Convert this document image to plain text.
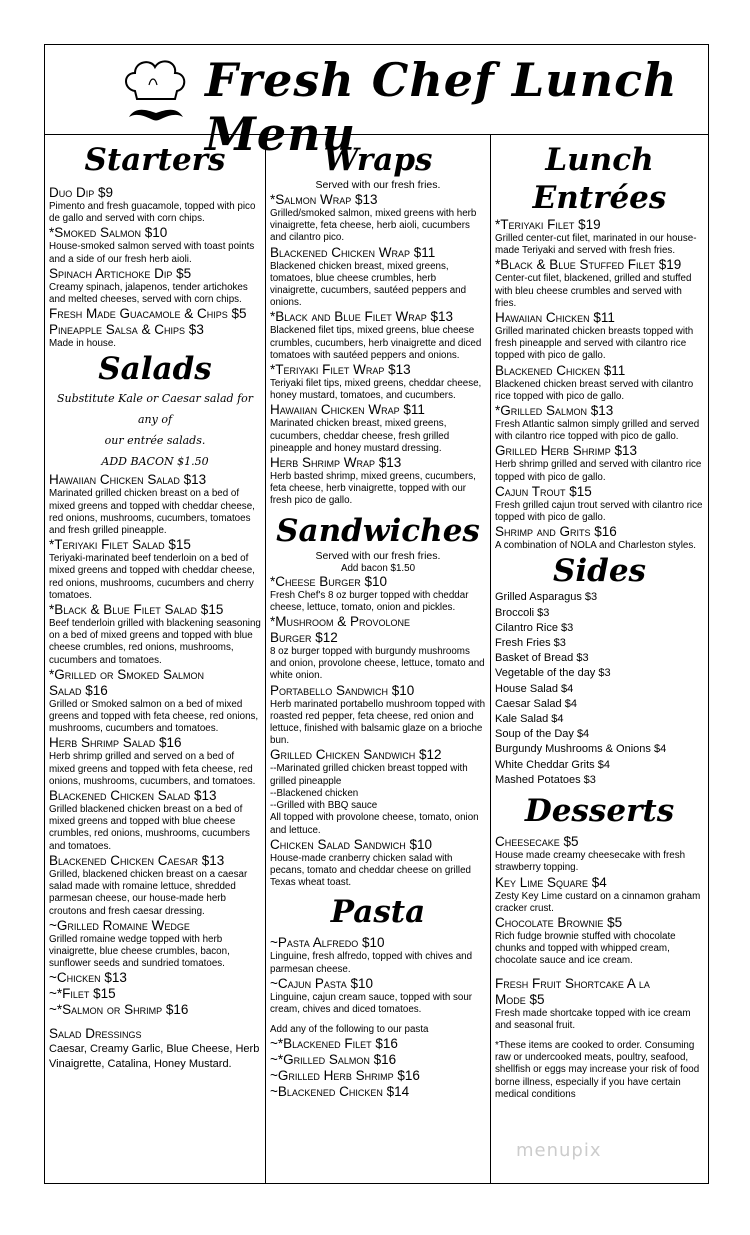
Fresh Chef Lunch Menu
Starters
Duo Dip $9
Pimento and fresh guacamole, topped with pico de gallo and served with corn chips.
*Smoked Salmon $10
House-smoked salmon served with toast points and a side of our fresh herb aioli.
Spinach Artichoke Dip $5
Creamy spinach, jalapenos, tender artichokes and melted cheeses, served with corn chips.
Fresh Made Guacamole & Chips $5
Pineapple Salsa & Chips $3
Made in house.
Salads
Substitute Kale or Caesar salad for any of
our entrée salads.
ADD BACON $1.50
Hawaiian Chicken Salad $13
Marinated grilled chicken breast on a bed of mixed greens and topped with cheddar cheese, red onions, mushrooms, cucumbers, tomatoes and fresh grilled pineapple.
*Teriyaki Filet Salad $15
Teriyaki-marinated beef tenderloin on a bed of mixed greens and topped with cheddar cheese, red onions, mushrooms, cucumbers and cherry tomatoes.
*Black & Blue Filet Salad $15
Beef tenderloin grilled with blackening seasoning on a bed of mixed greens and topped with blue cheese crumbles, red onions, mushrooms, cucumbers and tomatoes.
*Grilled or Smoked Salmon
Salad $16
Grilled or Smoked salmon on a bed of mixed greens and topped with feta cheese, red onions, mushrooms, cucumbers and tomatoes.
Herb Shrimp Salad $16
Herb shrimp grilled and served on a bed of mixed greens and topped with feta cheese, red onions, mushrooms, cucumbers, and tomatoes.
Blackened Chicken Salad $13
Grilled blackened chicken breast on a bed of mixed greens and topped with blue cheese crumbles, red onions, mushrooms, cucumbers and tomatoes.
Blackened Chicken Caesar $13
Grilled, blackened chicken breast on a caesar salad made with romaine lettuce, shredded parmesan cheese, our house-made herb croutons and fresh caesar dressing.
~Grilled Romaine Wedge
Grilled romaine wedge topped with herb vinaigrette, blue cheese crumbles, bacon, sunflower seeds and sundried tomatoes.
~Chicken $13
~*Filet $15
~*Salmon or Shrimp $16
Salad Dressings
Caesar, Creamy Garlic, Blue Cheese, Herb Vinaigrette, Catalina, Honey Mustard.
Wraps
Served with our fresh fries.
*Salmon Wrap $13
Grilled/smoked salmon, mixed greens with herb vinaigrette, feta cheese, herb aioli, cucumbers and cilantro pico.
Blackened Chicken Wrap $11
Blackened chicken breast, mixed greens, tomatoes, blue cheese crumbles, herb vinaigrette, cucumbers, sautéed peppers and onions.
*Black and Blue Filet Wrap $13
Blackened filet tips, mixed greens, blue cheese crumbles, cucumbers, herb vinaigrette and diced tomatoes with sautéed peppers and onions.
*Teriyaki Filet Wrap $13
Teriyaki filet tips, mixed greens, cheddar cheese, honey mustard, tomatoes, and cucumbers.
Hawaiian Chicken Wrap $11
Marinated chicken breast, mixed greens, cucumbers, cheddar cheese, fresh grilled pineapple and honey mustard dressing.
Herb Shrimp Wrap $13
Herb basted shrimp, mixed greens, cucumbers, feta cheese, herb vinaigrette, topped with our fresh pico de gallo.
Sandwiches
Served with our fresh fries.
Add bacon $1.50
*Cheese Burger $10
Fresh Chef's 8 oz burger topped with cheddar cheese, lettuce, tomato, onion and pickles.
*Mushroom & Provolone
Burger $12
8 oz burger topped with burgundy mushrooms and onion, provolone cheese, lettuce, tomato and white onion.
Portabello Sandwich $10
Herb marinated portabello mushroom topped with roasted red pepper, feta cheese, red onion and lettuce, finished with balsamic glaze on a brioche bun.
Grilled Chicken Sandwich $12
--Marinated grilled chicken breast topped with grilled pineapple
--Blackened chicken
--Grilled with BBQ sauce
All topped with provolone cheese, tomato, onion and lettuce.
Chicken Salad Sandwich $10
House-made cranberry chicken salad with pecans, tomato and cheddar cheese on grilled Texas wheat toast.
Pasta
~Pasta Alfredo $10
Linguine, fresh alfredo, topped with chives and parmesan cheese.
~Cajun Pasta $10
Linguine, cajun cream sauce, topped with sour cream, chives and diced tomatoes.
Add any of the following to our pasta
~*Blackened Filet $16
~*Grilled Salmon $16
~Grilled Herb Shrimp $16
~Blackened Chicken $14
Lunch Entrées
*Teriyaki Filet $19
Grilled center-cut filet, marinated in our house-made Teriyaki and served with fresh fries.
*Black & Blue Stuffed Filet $19
Center-cut filet, blackened, grilled and stuffed with bleu cheese crumbles and served with fries.
Hawaiian Chicken $11
Grilled marinated chicken breasts topped with fresh pineapple and served with cilantro rice topped with pico de gallo.
Blackened Chicken $11
Blackened chicken breast served with cilantro rice topped with pico de gallo.
*Grilled Salmon $13
Fresh Atlantic salmon simply grilled and served with cilantro rice topped with pico de gallo.
Grilled Herb Shrimp $13
Herb shrimp grilled and served with cilantro rice topped with pico de gallo.
Cajun Trout $15
Fresh grilled cajun trout served with cilantro rice topped with pico de gallo.
Shrimp and Grits $16
A combination of NOLA and Charleston styles.
Sides
Grilled Asparagus $3
Broccoli $3
Cilantro Rice $3
Fresh Fries $3
Basket of Bread $3
Vegetable of the day $3
House Salad $4
Caesar Salad $4
Kale Salad $4
Soup of the Day $4
Burgundy Mushrooms & Onions $4
White Cheddar Grits $4
Mashed Potatoes $3
Desserts
Cheesecake $5
House made creamy cheesecake with fresh strawberry topping.
Key Lime Square $4
Zesty Key Lime custard on a cinnamon graham cracker crust.
Chocolate Brownie $5
Rich fudge brownie stuffed with chocolate chunks and topped with whipped cream, chocolate sauce and ice cream.
Fresh Fruit Shortcake A la
Mode $5
Fresh made shortcake topped with ice cream and seasonal fruit.
*These items are cooked to order. Consuming raw or undercooked meats, poultry, seafood, shellfish or eggs may increase your risk of food borne illness, especially if you have certain medical conditions
menupix
